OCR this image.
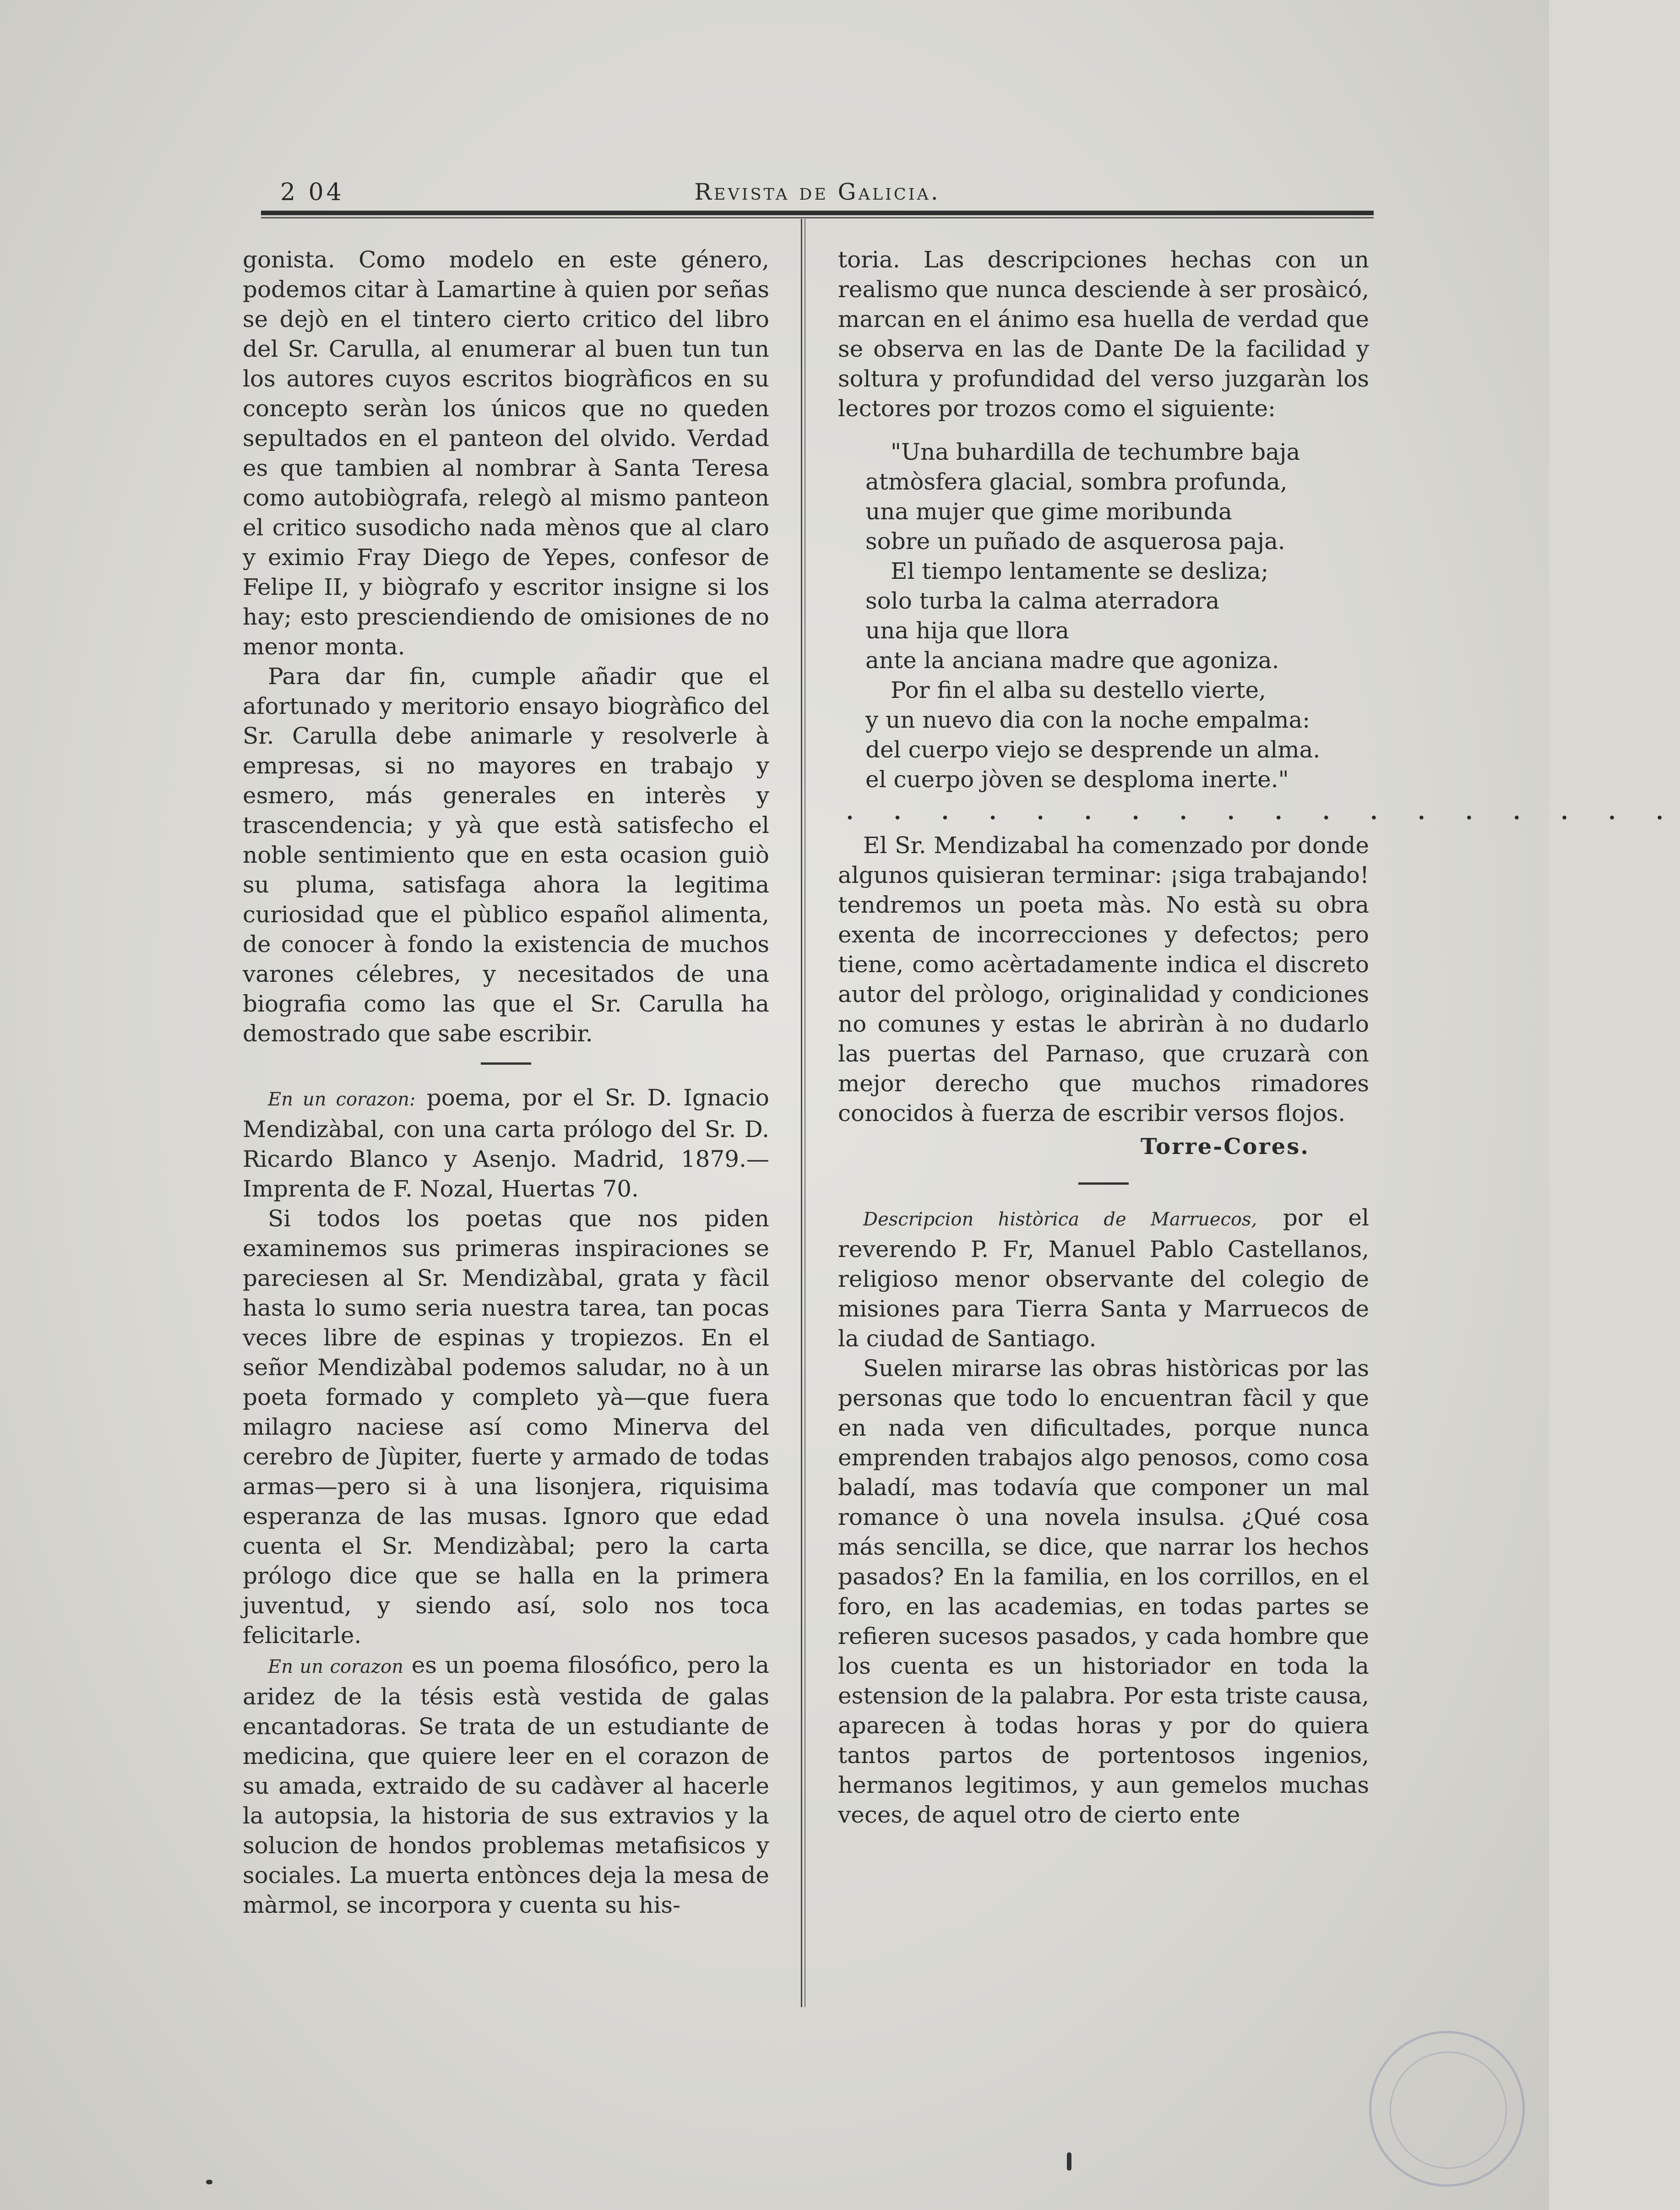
2 04	Revista de Galicia.

gonista. Como modelo en este género, podemos citar à Lamartine à quien por señas se dejò en el tintero cierto critico del libro del Sr. Carulla, al enumerar al buen tun tun los autores cuyos escritos biogràficos en su concepto seràn los únicos que no queden sepultados en el panteon del olvido. Verdad es que tambien al nombrar à Santa Teresa como autobiògrafa, relegò al mismo panteon el critico susodicho nada mènos que al claro y eximio Fray Diego de Yepes, confesor de Felipe II, y biògrafo y escritor insigne si los hay; esto presciendiendo de omisiones de no menor monta.

Para dar fin, cumple añadir que el afortunado y meritorio ensayo biogràfico del Sr. Carulla debe animarle y resolverle à empresas, si no mayores en trabajo y esmero, más generales en interès y trascendencia; y yà que està satisfecho el noble sentimiento que en esta ocasion guiò su pluma, satisfaga ahora la legitima curiosidad que el pùblico español alimenta, de conocer à fondo la existencia de muchos varones célebres, y necesitados de una biografia como las que el Sr. Carulla ha demostrado que sabe escribir.

En un corazon: poema, por el Sr. D. Ignacio Mendizàbal, con una carta prólogo del Sr. D. Ricardo Blanco y Asenjo. Madrid, 1879.—Imprenta de F. Nozal, Huertas 70.

Si todos los poetas que nos piden examinemos sus primeras inspiraciones se pareciesen al Sr. Mendizàbal, grata y fàcil hasta lo sumo seria nuestra tarea, tan pocas veces libre de espinas y tropiezos. En el señor Mendizàbal podemos saludar, no à un poeta formado y completo yà—que fuera milagro naciese así como Minerva del cerebro de Jùpiter, fuerte y armado de todas armas—pero si à una lisonjera, riquisima esperanza de las musas. Ignoro que edad cuenta el Sr. Mendizàbal; pero la carta prólogo dice que se halla en la primera juventud, y siendo así, solo nos toca felicitarle.

En un corazon es un poema filosófico, pero la aridez de la tésis està vestida de galas encantadoras. Se trata de un estudiante de medicina, que quiere leer en el corazon de su amada, extraido de su cadàver al hacerle la autopsia, la historia de sus extravios y la solucion de hondos problemas metafisicos y sociales. La muerta entònces deja la mesa de màrmol, se incorpora y cuenta su his-

toria. Las descripciones hechas con un realismo que nunca desciende à ser prosàicó, marcan en el ánimo esa huella de verdad que se observa en las de Dante De la facilidad y soltura y profundidad del verso juzgaràn los lectores por trozos como el siguiente:

"Una buhardilla de techumbre baja
atmòsfera glacial, sombra profunda,
una mujer que gime moribunda
sobre un puñado de asquerosa paja.
El tiempo lentamente se desliza;
solo turba la calma aterradora
una hija que llora
ante la anciana madre que agoniza.
Por fin el alba su destello vierte,
y un nuevo dia con la noche empalma:
del cuerpo viejo se desprende un alma.
el cuerpo jòven se desploma inerte."
. . . . . . . . . . . . . . . . . .

El Sr. Mendizabal ha comenzado por donde algunos quisieran terminar: ¡siga trabajando! tendremos un poeta màs. No està su obra exenta de incorrecciones y defectos; pero tiene, como acèrtadamente indica el discreto autor del pròlogo, originalidad y condiciones no comunes y estas le abriràn à no dudarlo las puertas del Parnaso, que cruzarà con mejor derecho que muchos rimadores conocidos à fuerza de escribir versos flojos.

Torre-Cores.

Descripcion històrica de Marruecos, por el reverendo P. Fr, Manuel Pablo Castellanos, religioso menor observante del colegio de misiones para Tierra Santa y Marruecos de la ciudad de Santiago.

Suelen mirarse las obras històricas por las personas que todo lo encuentran fàcil y que en nada ven dificultades, porque nunca emprenden trabajos algo penosos, como cosa baladí, mas todavía que componer un mal romance ò una novela insulsa. ¿Qué cosa más sencilla, se dice, que narrar los hechos pasados? En la familia, en los corrillos, en el foro, en las academias, en todas partes se refieren sucesos pasados, y cada hombre que los cuenta es un historiador en toda la estension de la palabra. Por esta triste causa, aparecen à todas horas y por do quiera tantos partos de portentosos ingenios, hermanos legitimos, y aun gemelos muchas veces, de aquel otro de cierto ente
